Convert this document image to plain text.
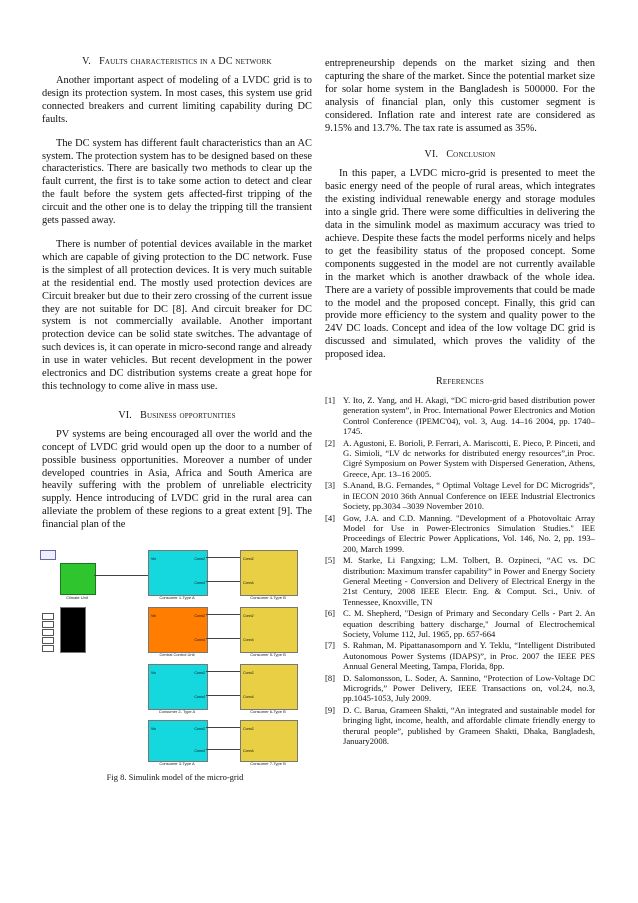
V. Faults characteristics in a DC network

Another important aspect of modeling of a LVDC grid is to design its protection system. In most cases, this system use grid connected breakers and current limiting capability during DC faults.

The DC system has different fault characteristics than an AC system. The protection system has to be designed based on these characteristics. There are basically two methods to clear up the fault current, the first is to take some action to detect and clear the fault before the system gets affected-first tripping of the circuit and the other one is to delay the tripping till the transient gets passed away.

There is number of potential devices available in the market which are capable of giving protection to the DC network. Fuse is the simplest of all protection devices. It is very much suitable at the residential end. The mostly used protection devices are Circuit breaker but due to their zero crossing of the current issue they are not suitable for DC [8]. And circuit breaker for DC system is not commercially available. Another important protection device can be solid state switches. The advantage of such devices is, it can operate in micro-second range and already in use in water vehicles. But recent development in the power electronics and DC distribution systems create a great hope for this technology to come alive in mass use.

VI. Business opportunities

PV systems are being encouraged all over the world and the concept of LVDC grid would open up the door to a number of possible business opportunities. Moreover a number of under developed countries in Asia, Africa and South America are heavily suffering with the problem of unreliable electricity supply. Hence introducing of LVDC grid in the rural area can alleviate the problem of these regions to a great extent [9]. The financial plan of the

Climate Unit
Vin	Conn2
Conn4
Consumer 1-Type A
Vin	Conn2
Conn4
Central Control Unit
Vin	Conn2
Conn4
Consumer 2- Type A
Vin	Conn2
Conn4
Consumer 3-Type A
Conn2
Conn4
Consumer 4-Type B
Conn2
Conn4
Consumer 5-Type B
Conn2
Conn4
Consumer 6-Type B
Conn2
Conn4
Consumer 7-Type B
Fig 8. Simulink model of the micro-grid

entrepreneurship depends on the market sizing and then capturing the share of the market. Since the potential market size for solar home system in the Bangladesh is 500000. For the analysis of financial plan, only this customer segment is considered. Inflation rate and interest rate are considered as 9.15% and 13.7%. The tax rate is assumed as 35%.

VI. Conclusion

In this paper, a LVDC micro-grid is presented to meet the basic energy need of the people of rural areas, which integrates the existing individual renewable energy and storage modules into a single grid. There were some difficulties in delivering the data in the simulink model as maximum accuracy was tried to achieve. Despite these facts the model performs nicely and helps to get the feasibility status of the proposed concept. Some components suggested in the model are not currently available in the market which is another drawback of the whole idea. There are a variety of possible improvements that could be made to the model and the proposed concept. Finally, this grid can provide more efficiency to the system and quality power to the 24V DC loads. Concept and idea of the low voltage DC grid is discussed and simulated, which proves the validity of the proposed idea.

References
[1] Y. Ito, Z. Yang, and H. Akagi, “DC micro-grid based distribution power generation system”, in Proc. International Power Electronics and Motion Control Conference (IPEMC'04), vol. 3, Aug. 14–16 2004, pp. 1740–1745.
[2] A. Agustoni, E. Borioli, P. Ferrari, A. Mariscotti, E. Pieco, P. Pinceti, and G. Simioli, “LV dc networks for distributed energy resources”,in Proc. Cigré Symposium on Power System with Dispersed Generation, Athens, Greece, Apr. 13–16 2005.
[3] S.Anand, B.G. Fernandes, “ Optimal Voltage Level for DC Microgrids”, in IECON 2010 36th Annual Conference on IEEE Industrial Electronics Society, pp.3034 –3039 November 2010.
[4] Gow, J.A. and C.D. Manning. "Development of a Photovoltaic Array Model for Use in Power-Electronics Simulation Studies." IEE Proceedings of Electric Power Applications, Vol. 146, No. 2, pp. 193–200, March 1999.
[5] M. Starke, Li Fangxing; L.M. Tolbert, B. Ozpineci, “AC vs. DC distribution: Maximum transfer capability” in Power and Energy Society General Meeting - Conversion and Delivery of Electrical Energy in the 21st Century, 2008 IEEE Electr. Eng. & Comput. Sci., Univ. of Tennessee, Knoxville, TN
[6] C. M. Shepherd, "Design of Primary and Secondary Cells - Part 2. An equation describing battery discharge," Journal of Electrochemical Society, Volume 112, Jul. 1965, pp. 657-664
[7] S. Rahman, M. Pipattanasomporn and Y. Teklu, “Intelligent Distributed Autonomous Power Systems (IDAPS)”, in Proc. 2007 the IEEE PES Annual General Meeting, Tampa, Florida, 8pp.
[8] D. Salomonsson, L. Soder, A. Sannino, “Protection of Low-Voltage DC Microgrids,” Power Delivery, IEEE Transactions on, vol.24, no.3, pp.1045-1053, July 2009.
[9] D. C. Barua, Grameen Shakti, “An integrated and sustainable model for bringing light, income, health, and affordable climate friendly energy to therural people”, published by Grameen Shakti, Dhaka, Bangladesh, January2008.
